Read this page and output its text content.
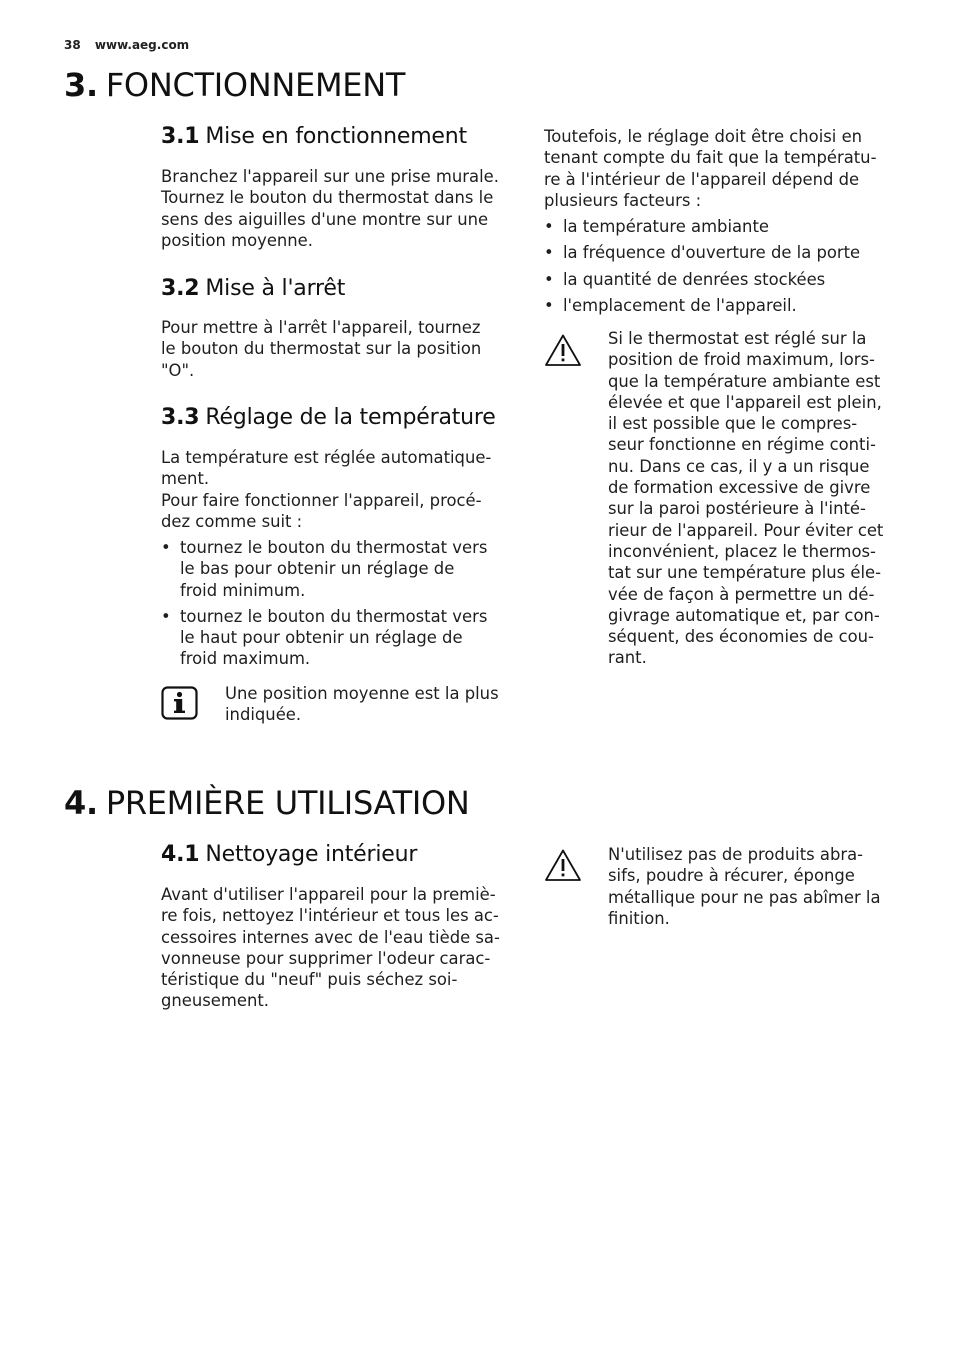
38 www.aeg.com
3. FONCTIONNEMENT
3.1 Mise en fonctionnement

Branchez l'appareil sur une prise murale.

Tournez le bouton du thermostat dans le

sens des aiguilles d'une montre sur une

position moyenne.

3.2 Mise à l'arrêt

Pour mettre à l'arrêt l'appareil, tournez

le bouton du thermostat sur la position

"O".

3.3 Réglage de la température

La température est réglée automatique-

ment.

Pour faire fonctionner l'appareil, procé-

dez comme suit :

• tournez le bouton du thermostat vers
le bas pour obtenir un réglage de
froid minimum.
• tournez le bouton du thermostat vers
le haut pour obtenir un réglage de
froid maximum.

Une position moyenne est la plus

indiquée.

Toutefois, le réglage doit être choisi en

tenant compte du fait que la températu-

re à l'intérieur de l'appareil dépend de

plusieurs facteurs :

• la température ambiante
• la fréquence d'ouverture de la porte
• la quantité de denrées stockées
• l'emplacement de l'appareil.

Si le thermostat est réglé sur la

position de froid maximum, lors-

que la température ambiante est

élevée et que l'appareil est plein,

il est possible que le compres-

seur fonctionne en régime conti-

nu. Dans ce cas, il y a un risque

de formation excessive de givre

sur la paroi postérieure à l'inté-

rieur de l'appareil. Pour éviter cet

inconvénient, placez le thermos-

tat sur une température plus éle-

vée de façon à permettre un dé-

givrage automatique et, par con-

séquent, des économies de cou-

rant.

4. PREMIÈRE UTILISATION
4.1 Nettoyage intérieur

Avant d'utiliser l'appareil pour la premiè-

re fois, nettoyez l'intérieur et tous les ac-

cessoires internes avec de l'eau tiède sa-

vonneuse pour supprimer l'odeur carac-

téristique du "neuf" puis séchez soi-

gneusement.

N'utilisez pas de produits abra-

sifs, poudre à récurer, éponge

métallique pour ne pas abîmer la

finition.
